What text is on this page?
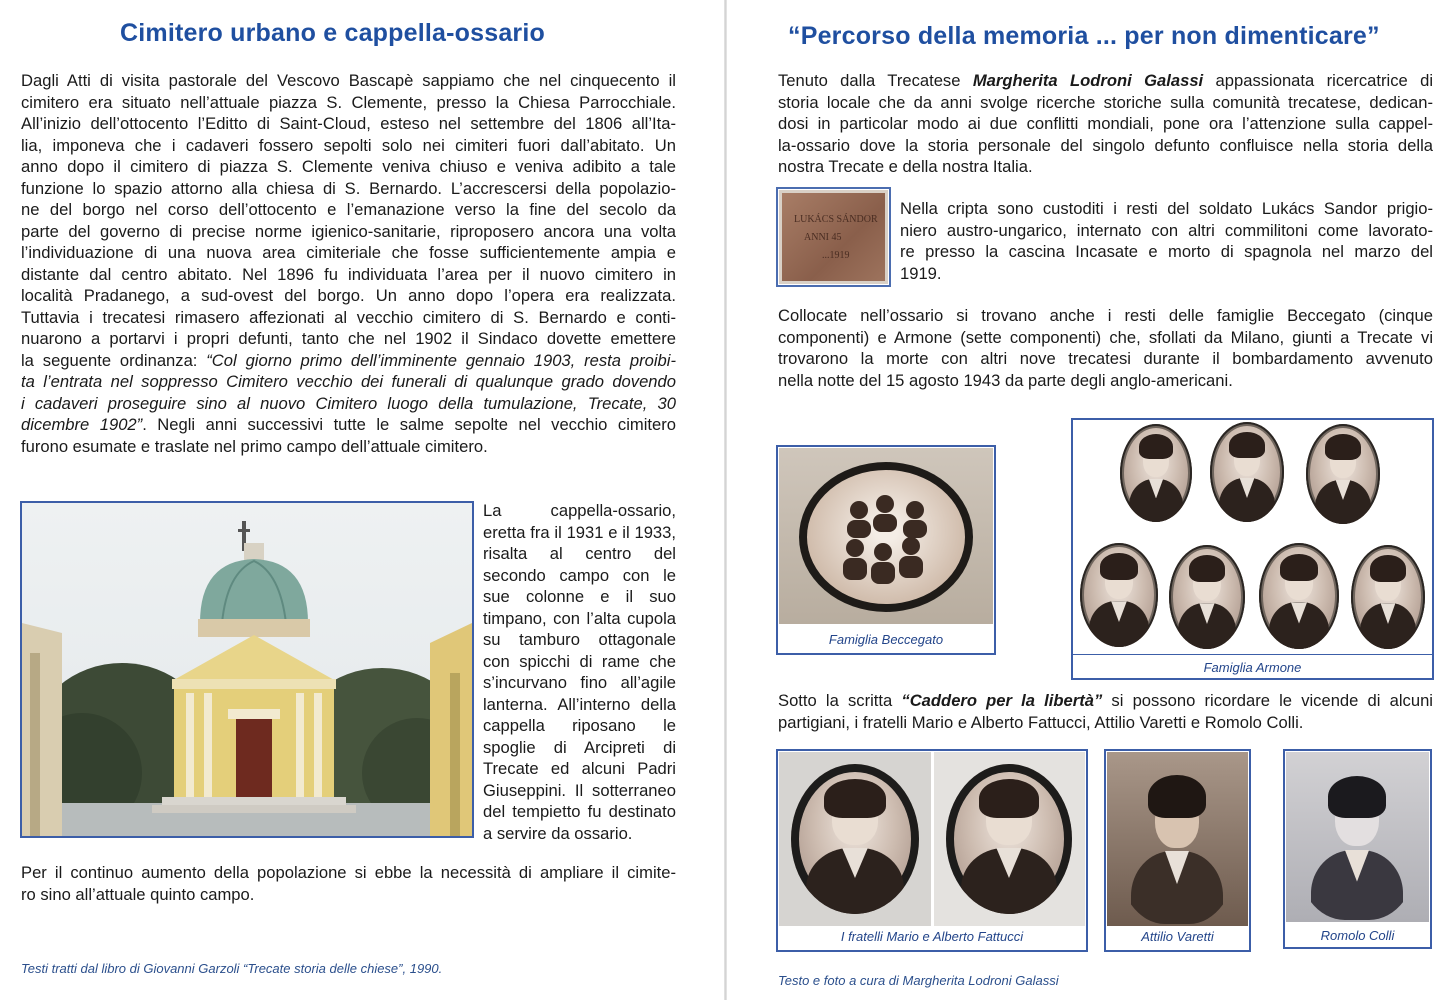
Cimitero urbano e cappella-ossario
Dagli Atti di visita pastorale del Vescovo Bascapè sappiamo che nel cinquecento il
cimitero era situato nell’attuale piazza S. Clemente, presso la Chiesa Parrocchiale.
All’inizio dell’ottocento l’Editto di Saint-Cloud, esteso nel settembre del 1806 all’Ita-
lia, imponeva che i cadaveri fossero sepolti solo nei cimiteri fuori dall’abitato. Un
anno dopo il cimitero di piazza S. Clemente veniva chiuso e veniva adibito a tale
funzione lo spazio attorno alla chiesa di S. Bernardo. L’accrescersi della popolazio-
ne del borgo nel corso dell’ottocento e l’emanazione verso la fine del secolo da
parte del governo di precise norme igienico-sanitarie, riproposero ancora una volta
l’individuazione di una nuova area cimiteriale che fosse sufficientemente ampia e
distante dal centro abitato. Nel 1896 fu individuata l’area per il nuovo cimitero in
località Pradanego, a sud-ovest del borgo. Un anno dopo l’opera era realizzata.
Tuttavia i trecatesi rimasero affezionati al vecchio cimitero di S. Bernardo e conti-
nuarono a portarvi i propri defunti, tanto che nel 1902 il Sindaco dovette emettere
la seguente ordinanza: “Col giorno primo dell’imminente gennaio 1903, resta proibi-
ta l’entrata nel soppresso Cimitero vecchio dei funerali di qualunque grado dovendo
i cadaveri proseguire sino al nuovo Cimitero luogo della tumulazione, Trecate, 30
dicembre 1902”. Negli anni successivi tutte le salme sepolte nel vecchio cimitero
furono esumate e traslate nel primo campo dell’attuale cimitero.
La cappella-ossario,
eretta fra il 1931 e il 1933,
risalta al centro del
secondo campo con le
sue colonne e il suo
timpano, con l’alta cupola
su tamburo ottagonale
con spicchi di rame che
s’incurvano fino all’agile
lanterna. All’interno della
cappella riposano le
spoglie di Arcipreti di
Trecate ed alcuni Padri
Giuseppini. Il sotterraneo
del tempietto fu destinato
a servire da ossario.
Per il continuo aumento della popolazione si ebbe la necessità di ampliare il cimite-
ro sino all’attuale quinto campo.
Testi tratti dal libro di Giovanni Garzoli “Trecate storia delle chiese”, 1990.
“Percorso della memoria ... per non dimenticare”
Tenuto dalla Trecatese Margherita Lodroni Galassi appassionata ricercatrice di
storia locale che da anni svolge ricerche storiche sulla comunità trecatese, dedican-
dosi in particolar modo ai due conflitti mondiali, pone ora l’attenzione sulla cappel-
la-ossario dove la storia personale del singolo defunto confluisce nella storia della
nostra Trecate e della nostra Italia.
LUKÁCS SÁNDOR
ANNI 45
...1919
Nella cripta sono custoditi i resti del soldato Lukács Sandor prigio-
niero austro-ungarico, internato con altri commilitoni come lavorato-
re presso la cascina Incasate e morto di spagnola nel marzo del
1919.
Collocate nell’ossario si trovano anche i resti delle famiglie Beccegato (cinque
componenti) e Armone (sette componenti) che, sfollati da Milano, giunti a Trecate vi
trovarono la morte con altri nove trecatesi durante il bombardamento avvenuto
nella notte del 15 agosto 1943 da parte degli anglo-americani.
Famiglia Beccegato
Famiglia Armone
Sotto la scritta “Caddero per la libertà” si possono ricordare le vicende di alcuni
partigiani, i fratelli Mario e Alberto Fattucci, Attilio Varetti e Romolo Colli.
I fratelli Mario e Alberto Fattucci	Attilio Varetti	Romolo Colli
Testo e foto a cura di Margherita Lodroni Galassi
